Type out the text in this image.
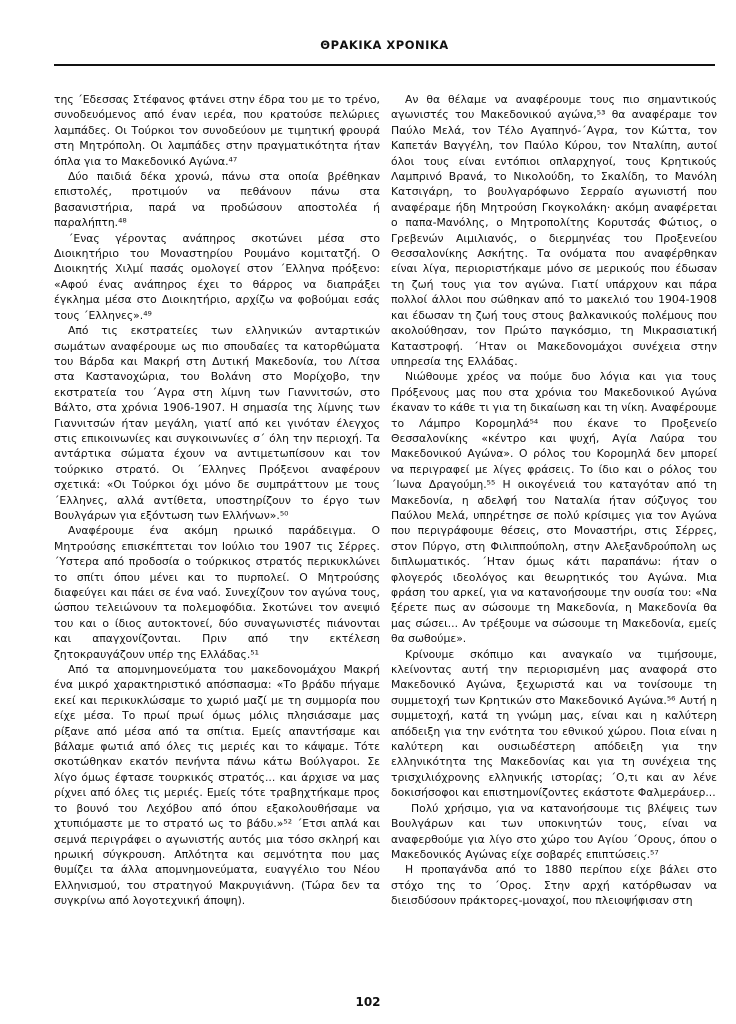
ΘΡΑΚΙΚΑ ΧΡΟΝΙΚΑ

της ΄Εδεσσας Στέφανος φτάνει στην έδρα του με το τρένο, συνοδευόμενος από έναν ιερέα, που κρατούσε πελώριες λαμπάδες. Οι Τούρκοι τον συνοδεύουν με τιμητική φρουρά στη Μητρόπολη. Οι λαμπάδες στην πραγματικότητα ήταν όπλα για το Μακεδονικό Αγώνα.⁴⁷

Δύο παιδιά δέκα χρονώ, πάνω στα οποία βρέθηκαν επιστολές, προτιμούν να πεθάνουν πάνω στα βασανιστήρια, παρά να προδώσουν αποστολέα ή παραλήπτη.⁴⁸

΄Ενας γέροντας ανάπηρος σκοτώνει μέσα στο Διοικητήριο του Μοναστηρίου Ρουμάνο κομιτατζή. Ο Διοικητής Χιλμί πασάς ομολογεί στον ΄Ελληνα πρόξενο: «Αφού ένας ανάπηρος έχει το θάρρος να διαπράξει έγκλημα μέσα στο Διοικητήριο, αρχίζω να φοβούμαι εσάς τους ΄Ελληνες».⁴⁹

Από τις εκστρατείες των ελληνικών ανταρτικών σωμάτων αναφέρουμε ως πιο σπουδαίες τα κατορθώματα του Βάρδα και Μακρή στη Δυτική Μακεδονία, του Λίτσα στα Καστανοχώρια, του Βολάνη στο Μορίχοβο, την εκστρατεία του ΄Αγρα στη λίμνη των Γιαννιτσών, στο Βάλτο, στα χρόνια 1906-1907. Η σημασία της λίμνης των Γιαννιτσών ήταν μεγάλη, γιατί από κει γινόταν έλεγχος στις επικοινωνίες και συγκοινωνίες σ΄ όλη την περιοχή. Τα αντάρτικα σώματα έχουν να αντιμετωπίσουν και τον τούρκικο στρατό. Οι ΄Ελληνες Πρόξενοι αναφέρουν σχετικά: «Οι Τούρκοι όχι μόνο δε συμπράττουν με τους ΄Ελληνες, αλλά αντίθετα, υποστηρίζουν το έργο των Βουλγάρων για εξόντωση των Ελλήνων».⁵⁰

Αναφέρουμε ένα ακόμη ηρωικό παράδειγμα. Ο Μητρούσης επισκέπτεται τον Ιούλιο του 1907 τις Σέρρες. ΄Υστερα από προδοσία ο τούρκικος στρατός περικυκλώνει το σπίτι όπου μένει και το πυρπολεί. Ο Μητρούσης διαφεύγει και πάει σε ένα ναό. Συνεχίζουν τον αγώνα τους, ώσπου τελειώνουν τα πολεμοφόδια. Σκοτώνει τον ανεψιό του και ο ίδιος αυτοκτονεί, δύο συναγωνιστές πιάνονται και απαγχονίζονται. Πριν από την εκτέλεση ζητοκραυγάζουν υπέρ της Ελλάδας.⁵¹

Από τα απομνημονεύματα του μακεδονομάχου Μακρή ένα μικρό χαρακτηριστικό απόσπασμα: «Το βράδυ πήγαμε εκεί και περικυκλώσαμε το χωριό μαζί με τη συμμορία που είχε μέσα. Το πρωί πρωί όμως μόλις πλησιάσαμε μας ρίξανε από μέσα από τα σπίτια. Εμείς απαντήσαμε και βάλαμε φωτιά από όλες τις μεριές και το κάψαμε. Τότε σκοτώθηκαν εκατόν πενήντα πάνω κάτω Βούλγαροι. Σε λίγο όμως έφτασε τουρκικός στρατός... και άρχισε να μας ρίχνει από όλες τις μεριές. Εμείς τότε τραβηχτήκαμε προς το βουνό του Λεχόβου από όπου εξακολουθήσαμε να χτυπιόμαστε με το στρατό ως το βάδυ.»⁵² ΄Ετσι απλά και σεμνά περιγράφει ο αγωνιστής αυτός μια τόσο σκληρή και ηρωική σύγκρουση. Απλότητα και σεμνότητα που μας θυμίζει τα άλλα απομνημονεύματα, ευαγγέλιο του Νέου Ελληνισμού, του στρατηγού Μακρυγιάννη. (Τώρα δεν τα συγκρίνω από λογοτεχνική άποψη).

Αν θα θέλαμε να αναφέρουμε τους πιο σημαντικούς αγωνιστές του Μακεδονικού αγώνα,⁵³ θα αναφέραμε τον Παύλο Μελά, τον Τέλο Αγαπηνό-΄Αγρα, τον Κώττα, τον Καπετάν Βαγγέλη, τον Παύλο Κύρου, τον Νταλίπη, αυτοί όλοι τους είναι εντόπιοι οπλαρχηγοί, τους Κρητικούς Λαμπρινό Βρανά, το Νικολούδη, το Σκαλίδη, το Μανόλη Κατσιγάρη, το βουλγαρόφωνο Σερραίο αγωνιστή που αναφέραμε ήδη Μητρούση Γκογκολάκη· ακόμη αναφέρεται ο παπα-Μανόλης, ο Μητροπολίτης Κορυτσάς Φώτιος, ο Γρεβενών Αιμιλιανός, ο διερμηνέας του Προξενείου Θεσσαλονίκης Ασκήτης. Τα ονόματα που αναφέρθηκαν είναι λίγα, περιοριστήκαμε μόνο σε μερικούς που έδωσαν τη ζωή τους για τον αγώνα. Γιατί υπάρχουν και πάρα πολλοί άλλοι που σώθηκαν από το μακελιό του 1904-1908 και έδωσαν τη ζωή τους στους βαλκανικούς πολέμους που ακολούθησαν, τον Πρώτο παγκόσμιο, τη Μικρασιατική Καταστροφή. ΄Ηταν οι Μακεδονομάχοι συνέχεια στην υπηρεσία της Ελλάδας.

Νιώθουμε χρέος να πούμε δυο λόγια και για τους Πρόξενους μας που στα χρόνια του Μακεδονικού Αγώνα έκαναν το κάθε τι για τη δικαίωση και τη νίκη. Αναφέρουμε το Λάμπρο Κορομηλά⁵⁴ που έκανε το Προξενείο Θεσσαλονίκης «κέντρο και ψυχή, Αγία Λαύρα του Μακεδονικού Αγώνα». Ο ρόλος του Κορομηλά δεν μπορεί να περιγραφεί με λίγες φράσεις. Το ίδιο και ο ρόλος του ΄Ιωνα Δραγούμη.⁵⁵ Η οικογένειά του καταγόταν από τη Μακεδονία, η αδελφή του Ναταλία ήταν σύζυγος του Παύλου Μελά, υπηρέτησε σε πολύ κρίσιμες για τον Αγώνα που περιγράφουμε θέσεις, στο Μοναστήρι, στις Σέρρες, στον Πύργο, στη Φιλιππούπολη, στην Αλεξανδρούπολη ως διπλωματικός. ΄Ηταν όμως κάτι παραπάνω: ήταν ο φλογερός ιδεολόγος και θεωρητικός του Αγώνα. Μια φράση του αρκεί, για να κατανοήσουμε την ουσία του: «Να ξέρετε πως αν σώσουμε τη Μακεδονία, η Μακεδονία θα μας σώσει... Αν τρέξουμε να σώσουμε τη Μακεδονία, εμείς θα σωθούμε».

Κρίνουμε σκόπιμο και αναγκαίο να τιμήσουμε, κλείνοντας αυτή την περιορισμένη μας αναφορά στο Μακεδονικό Αγώνα, ξεχωριστά και να τονίσουμε τη συμμετοχή των Κρητικών στο Μακεδονικό Αγώνα.⁵⁶ Αυτή η συμμετοχή, κατά τη γνώμη μας, είναι και η καλύτερη απόδειξη για την ενότητα του εθνικού χώρου. Ποια είναι η καλύτερη και ουσιωδέστερη απόδειξη για την ελληνικότητα της Μακεδονίας και για τη συνέχεια της τρισχιλιόχρονης ελληνικής ιστορίας; ΄Ο,τι και αν λένε δοκισήσοφοι και επιστημονίζοντες εκάστοτε Φαλμεράυερ...

Πολύ χρήσιμο, για να κατανοήσουμε τις βλέψεις των Βουλγάρων και των υποκινητών τους, είναι να αναφερθούμε για λίγο στο χώρο του Αγίου ΄Ορους, όπου ο Μακεδονικός Αγώνας είχε σοβαρές επιπτώσεις.⁵⁷

Η προπαγάνδα από το 1880 περίπου είχε βάλει στο στόχο της το ΄Ορος. Στην αρχή κατόρθωσαν να διεισδύσουν πράκτορες-μοναχοί, που πλειοψήφισαν στη

102
